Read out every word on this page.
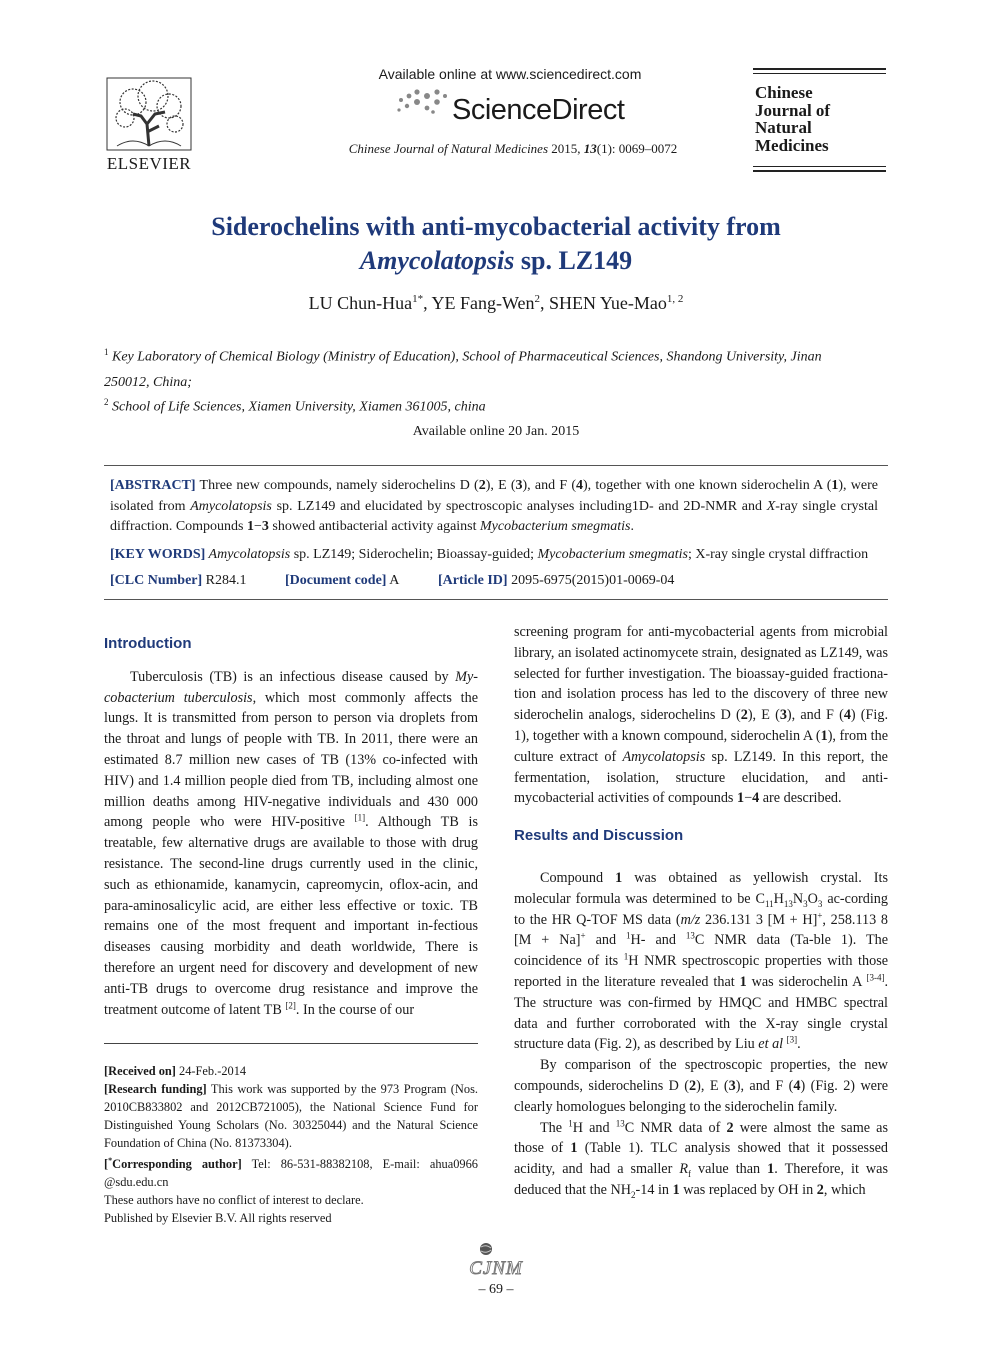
ELSEVIER
Available online at www.sciencedirect.com
ScienceDirect
Chinese Journal of Natural Medicines 2015, 13(1): 0069–0072
Chinese
Journal of
Natural
Medicines
Siderochelins with anti-mycobacterial activity from
Amycolatopsis sp. LZ149
LU Chun-Hua$^{1*}$, YE Fang-Wen$^2$, SHEN Yue-Mao$^{1, 2}$
$^1$ Key Laboratory of Chemical Biology (Ministry of Education), School of Pharmaceutical Sciences, Shandong University, Jinan
250012, China;
$^2$ School of Life Sciences, Xiamen University, Xiamen 361005, china
Available online 20 Jan. 2015
[ABSTRACT] Three new compounds, namely siderochelins D (2), E (3), and F (4), together with one known siderochelin A (1), were isolated from Amycolatopsis sp. LZ149 and elucidated by spectroscopic analyses including1D- and 2D-NMR and X-ray single crystal diffraction. Compounds 1−3 showed antibacterial activity against Mycobacterium smegmatis.
[KEY WORDS] Amycolatopsis sp. LZ149; Siderochelin; Bioassay-guided; Mycobacterium smegmatis; X-ray single crystal diffraction
[CLC Number] R284.1	[Document code] A	[Article ID] 2095-6975(2015)01-0069-04
Introduction

Tuberculosis (TB) is an infectious disease caused by My-cobacterium tuberculosis, which most commonly affects the lungs. It is transmitted from person to person via droplets from the throat and lungs of people with TB. In 2011, there were an estimated 8.7 million new cases of TB (13% co-infected with HIV) and 1.4 million people died from TB, including almost one million deaths among HIV-negative individuals and 430 000 among people who were HIV-positive [1]. Although TB is treatable, few alternative drugs are available to those with drug resistance. The second-line drugs currently used in the clinic, such as ethionamide, kanamycin, capreomycin, oflox-acin, and para-aminosalicylic acid, are either less effective or toxic. TB remains one of the most frequent and important in-fectious diseases causing morbidity and death worldwide, There is therefore an urgent need for discovery and development of new anti-TB drugs to overcome drug resistance and improve the treatment outcome of latent TB [2]. In the course of our

[Received on] 24-Feb.-2014

[Research funding] This work was supported by the 973 Program (Nos. 2010CB833802 and 2012CB721005), the National Science Fund for Distinguished Young Scholars (No. 30325044) and the Natural Science Foundation of China (No. 81373304).

[*Corresponding author] Tel: 86-531-88382108, E-mail: ahua0966 @sdu.edu.cn

These authors have no conflict of interest to declare.

Published by Elsevier B.V. All rights reserved

screening program for anti-mycobacterial agents from microbial library, an isolated actinomycete strain, designated as LZ149, was selected for further investigation. The bioassay-guided fractiona-tion and isolation process has led to the discovery of three new siderochelin analogs, siderochelins D (2), E (3), and F (4) (Fig. 1), together with a known compound, siderochelin A (1), from the culture extract of Amycolatopsis sp. LZ149. In this report, the fermentation, isolation, structure elucidation, and anti-mycobacterial activities of compounds 1−4 are described.

Results and Discussion

Compound 1 was obtained as yellowish crystal. Its molecular formula was determined to be $C_{11}H_{13}N_3O_3$ ac-cording to the HR Q-TOF MS data (m/z 236.131 3 [M + H]+, 258.113 8 [M + Na]+ and $^1$H- and $^{13}$C NMR data (Ta-ble 1). The coincidence of its $^1$H NMR spectroscopic properties with those reported in the literature revealed that 1 was siderochelin A [3-4]. The structure was con-firmed by HMQC and HMBC spectral data and further corroborated with the X-ray single crystal structure data (Fig. 2), as described by Liu et al [3].

By comparison of the spectroscopic properties, the new compounds, siderochelins D (2), E (3), and F (4) (Fig. 2) were clearly homologues belonging to the siderochelin family.

The $^1$H and $^{13}$C NMR data of 2 were almost the same as those of 1 (Table 1). TLC analysis showed that it possessed acidity, and had a smaller $R_f$ value than 1. Therefore, it was deduced that the $NH_2-14$ in 1 was replaced by OH in 2, which

CJNM
– 69 –
